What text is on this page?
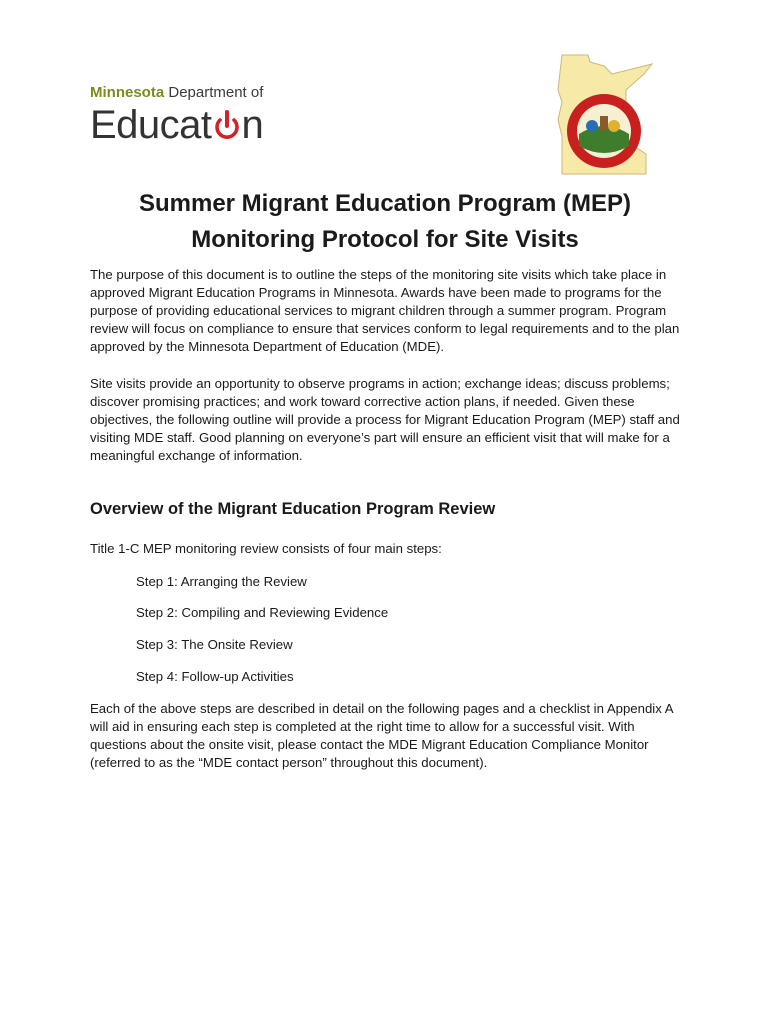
Minnesota Department of
Educat n
Summer Migrant Education Program (MEP)
Monitoring Protocol for Site Visits

The purpose of this document is to outline the steps of the monitoring site visits which take place in approved Migrant Education Programs in Minnesota. Awards have been made to programs for the purpose of providing educational services to migrant children through a summer program. Program review will focus on compliance to ensure that services conform to legal requirements and to the plan approved by the Minnesota Department of Education (MDE).

Site visits provide an opportunity to observe programs in action; exchange ideas; discuss problems; discover promising practices; and work toward corrective action plans, if needed. Given these objectives, the following outline will provide a process for Migrant Education Program (MEP) staff and visiting MDE staff. Good planning on everyone’s part will ensure an efficient visit that will make for a meaningful exchange of information.

Overview of the Migrant Education Program Review

Title 1-C MEP monitoring review consists of four main steps:

Step 1: Arranging the Review
Step 2: Compiling and Reviewing Evidence
Step 3: The Onsite Review
Step 4: Follow-up Activities

Each of the above steps are described in detail on the following pages and a checklist in Appendix A will aid in ensuring each step is completed at the right time to allow for a successful visit. With questions about the onsite visit, please contact the MDE Migrant Education Compliance Monitor (referred to as the “MDE contact person” throughout this document).
